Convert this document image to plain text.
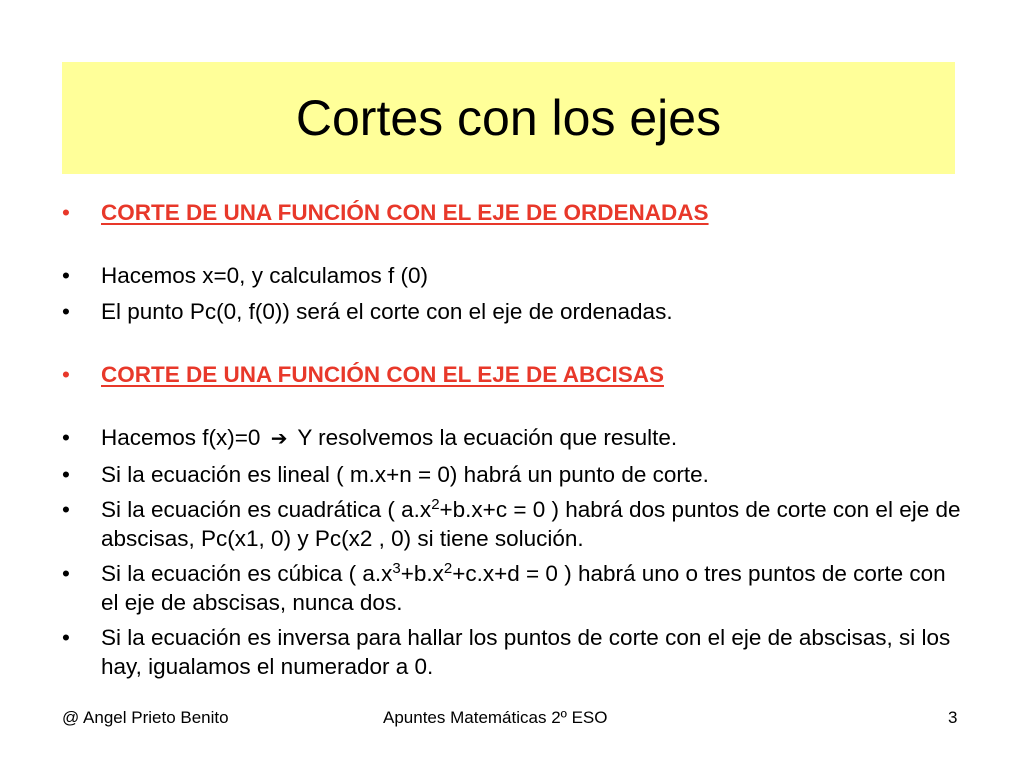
Cortes con los ejes
• CORTE DE UNA FUNCIÓN CON EL EJE DE ORDENADAS
• Hacemos x=0, y calculamos f (0)
• El punto Pc(0, f(0)) será el corte con el eje de ordenadas.
• CORTE DE UNA FUNCIÓN CON EL EJE DE ABCISAS
• Hacemos f(x)=0 ➔ Y resolvemos la ecuación que resulte.
• Si la ecuación es lineal ( m.x+n = 0) habrá un punto de corte.
• Si la ecuación es cuadrática ( $a.x^2+b.x+c = 0$ ) habrá dos puntos de corte con el eje de abscisas, Pc(x1, 0) y Pc(x2 , 0) si tiene solución.
• Si la ecuación es cúbica ( $a.x^3+b.x^2+c.x+d = 0$ ) habrá uno o tres puntos de corte con el eje de abscisas, nunca dos.
• Si la ecuación es inversa para hallar los puntos de corte con el eje de abscisas, si los hay, igualamos el numerador a 0.
@ Angel Prieto Benito	Apuntes Matemáticas 2º ESO	3
